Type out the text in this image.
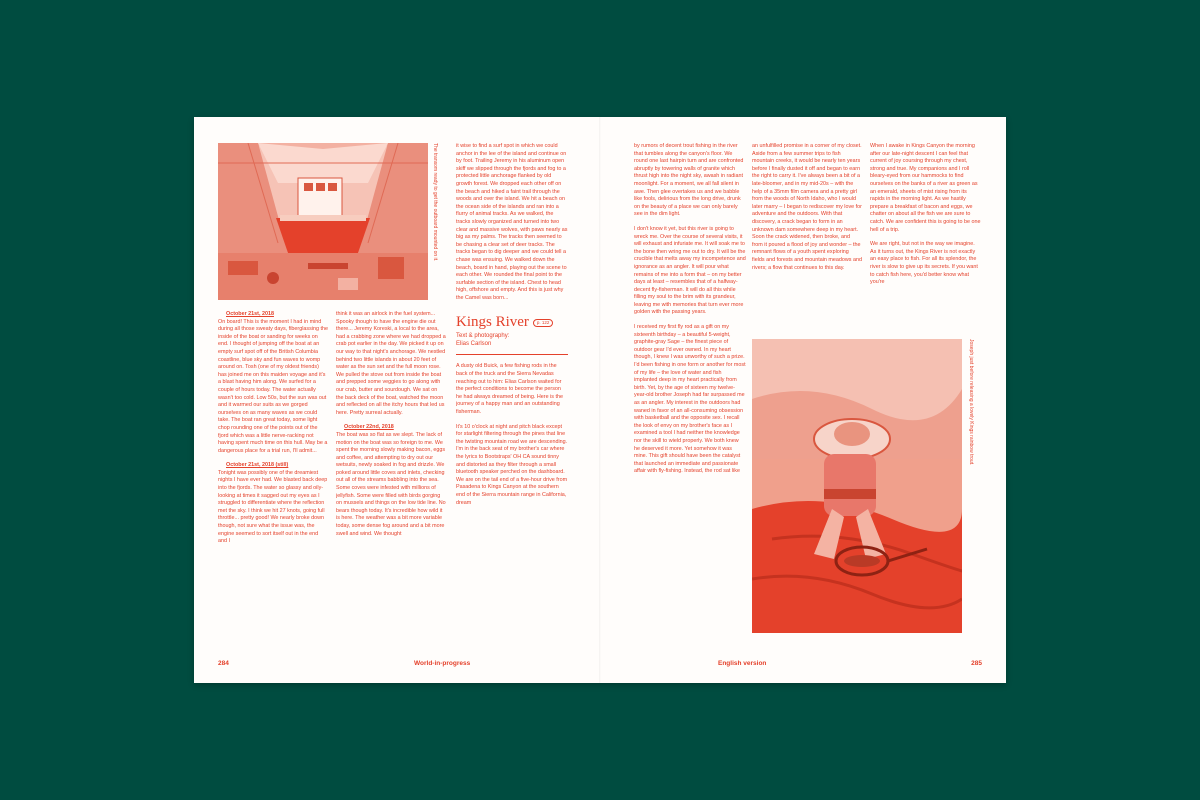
The transom ready to get the outboard mounted on it.
October 21st, 2018

On board! This is the moment I had in mind during all those sweaty days, fiberglassing the inside of the boat or sanding for weeks on end. I thought of jumping off the boat at an empty surf spot off of the British Columbia coastline, blue sky and fun waves to womp around on. Tosh (one of my oldest friends) has joined me on this maiden voyage and it's a blast having him along. We surfed for a couple of hours today. The water actually wasn't too cold. Low 50s, but the sun was out and it warmed our suits as we gorged ourselves on as many waves as we could take. The boat ran great today, some light chop rounding one of the points out of the fjord which was a little nerve-racking not having spent much time on this hull. May be a dangerous place for a trial run, I'll admit...

October 21st, 2018 (still)

Tonight was possibly one of the dreamiest nights I have ever had. We blasted back deep into the fjords. The water so glassy and oily-looking at times it sagged out my eyes as I struggled to differentiate where the reflection met the sky. I think we hit 27 knots, going full throttle... pretty good! We nearly broke down though, not sure what the issue was, the engine seemed to sort itself out in the end and I

think it was an airlock in the fuel system... Spooky though to have the engine die out there... Jeremy Koreski, a local to the area, had a crabbing zone where we had dropped a crab pot earlier in the day. We picked it up on our way to that night's anchorage. We nestled behind two little islands in about 20 feet of water as the sun set and the full moon rose. We pulled the stove out from inside the boat and prepped some veggies to go along with our crab, butter and sourdough. We sat on the back deck of the boat, watched the moon and reflected on all the itchy hours that led us here. Pretty surreal actually.

October 22nd, 2018

The boat was so flat as we slept. The lack of motion on the boat was so foreign to me. We spent the morning slowly making bacon, eggs and coffee, and attempting to dry out our wetsuits, newly soaked in fog and drizzle. We poked around little coves and inlets, checking out all of the streams babbling into the sea. Some coves were infested with millions of jellyfish. Some were filled with birds gorging on mussels and things on the low tide line. No bears though today. It's incredible how wild it is here. The weather was a bit more variable today, some dense fog around and a bit more swell and wind. We thought

it wise to find a surf spot in which we could anchor in the lee of the island and continue on by foot. Trailing Jeremy in his aluminum open skiff we slipped through the fjords and fog to a protected little anchorage flanked by old growth forest. We dropped each other off on the beach and hiked a faint trail through the woods and over the island. We hit a beach on the ocean side of the islands and ran into a flurry of animal tracks. As we walked, the tracks slowly organized and turned into two clear and massive wolves, with paws nearly as big as my palms. The tracks then seemed to be chasing a clear set of deer tracks. The tracks began to dig deeper and we could tell a chase was ensuing. We walked down the beach, board in hand, playing out the scene to each other. We rounded the final point to the surfable section of the island. Chest to head high, offshore and empty. And this is just why the Camel was born...

Kings River	p. 122
Text & photography:
Elias Carlson

A dusty old Buick, a few fishing rods in the back of the truck and the Sierra Nevadas reaching out to him: Elias Carlson waited for the perfect conditions to become the person he had always dreamed of being. Here is the journey of a happy man and an outstanding fisherman.

It's 10 o'clock at night and pitch black except for starlight filtering through the pines that line the twisting mountain road we are descending. I'm in the back seat of my brother's car where the lyrics to Bootstraps' OH CA sound tinny and distorted as they filter through a small bluetooth speaker perched on the dashboard. We are on the tail end of a five-hour drive from Pasadena to Kings Canyon at the southern end of the Sierra mountain range in California, dream

284	World-in-progress

by rumors of decent trout fishing in the river that tumbles along the canyon's floor. We round one last hairpin turn and are confronted abruptly by towering walls of granite which thrust high into the night sky, awash in radiant moonlight. For a moment, we all fall silent in awe. Then glee overtakes us and we babble like fools, delirious from the long drive, drunk on the beauty of a place we can only barely see in the dim light.

I don't know it yet, but this river is going to wreck me. Over the course of several visits, it will exhaust and infuriate me. It will soak me to the bone then wring me out to dry. It will be the crucible that melts away my incompetence and ignorance as an angler. It will pour what remains of me into a form that – on my better days at least – resembles that of a halfway-decent fly-fisherman. It will do all this while filling my soul to the brim with its grandeur, leaving me with memories that turn ever more golden with the passing years.

I received my first fly rod as a gift on my sixteenth birthday – a beautiful 5-weight, graphite-gray Sage – the finest piece of outdoor gear I'd ever owned. In my heart though, I knew I was unworthy of such a prize. I'd been fishing in one form or another for most of my life – the love of water and fish implanted deep in my heart practically from birth. Yet, by the age of sixteen my twelve-year-old brother Joseph had far surpassed me as an angler. My interest in the outdoors had waned in favor of an all-consuming obsession with basketball and the opposite sex. I recall the look of envy on my brother's face as I examined a tool I had neither the knowledge nor the skill to wield properly. We both knew he deserved it more. Yet somehow it was mine. This gift should have been the catalyst that launched an immediate and passionate affair with fly-fishing. Instead, the rod sat like

an unfulfilled promise in a corner of my closet. Aside from a few summer trips to fish mountain creeks, it would be nearly ten years before I finally dusted it off and began to earn the right to carry it. I've always been a bit of a late-bloomer, and in my mid-20s – with the help of a 35mm film camera and a pretty girl from the woods of North Idaho, who I would later marry – I began to rediscover my love for adventure and the outdoors. With that discovery, a crack began to form in an unknown dam somewhere deep in my heart. Soon the crack widened, then broke, and from it poured a flood of joy and wonder – the remnant flows of a youth spent exploring fields and forests and mountain meadows and rivers; a flow that continues to this day.

When I awake in Kings Canyon the morning after our late-night descent I can feel that current of joy coursing through my chest, strong and true. My companions and I roll bleary-eyed from our hammocks to find ourselves on the banks of a river as green as an emerald, sheets of mist rising from its rapids in the morning light. As we hastily prepare a breakfast of bacon and eggs, we chatter on about all the fish we are sure to catch. We are confident this is going to be one hell of a trip.

We are right, but not in the way we imagine. As it turns out, the Kings River is not exactly an easy place to fish. For all its splendor, the river is slow to give up its secrets. If you want to catch fish here, you'd better know what you're

Joseph just before releasing a lovely Kings rainbow trout.
English version	285
